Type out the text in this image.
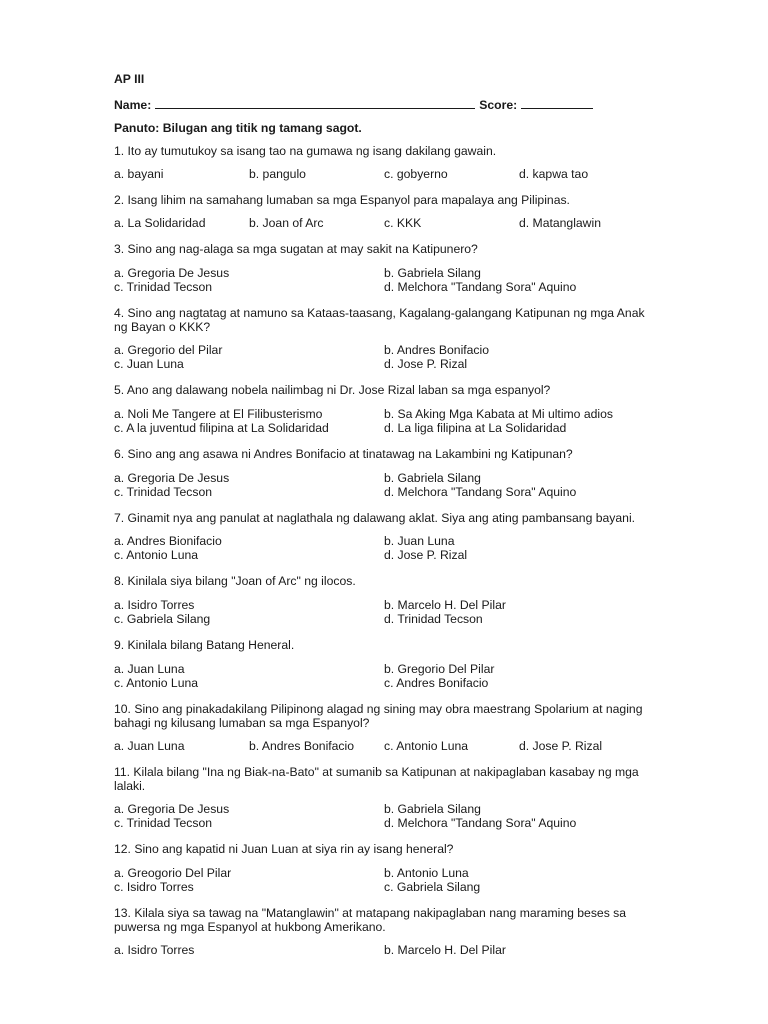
AP III
Name:	Score:
Panuto: Bilugan ang titik ng tamang sagot.
1. Ito ay tumutukoy sa isang tao na gumawa ng isang dakilang gawain.
a. bayani	b. pangulo	c. gobyerno	d. kapwa tao
2. Isang lihim na samahang lumaban sa mga Espanyol para mapalaya ang Pilipinas.
a. La Solidaridad	b. Joan of Arc	c. KKK	d. Matanglawin
3. Sino ang nag-alaga sa mga sugatan at may sakit na Katipunero?
a. Gregoria De Jesus	b. Gabriela Silang
c. Trinidad Tecson	d. Melchora "Tandang Sora" Aquino
4. Sino ang nagtatag at namuno sa Kataas-taasang, Kagalang-galangang Katipunan ng mga Anak ng Bayan o KKK?
a. Gregorio del Pilar	b. Andres Bonifacio
c. Juan Luna	d. Jose P. Rizal
5. Ano ang dalawang nobela nailimbag ni Dr. Jose Rizal laban sa mga espanyol?
a. Noli Me Tangere at El Filibusterismo	b. Sa Aking Mga Kabata at Mi ultimo adios
c. A la juventud filipina at La Solidaridad	d. La liga filipina at La Solidaridad
6. Sino ang ang asawa ni Andres Bonifacio at tinatawag na Lakambini ng Katipunan?
a. Gregoria De Jesus	b. Gabriela Silang
c. Trinidad Tecson	d. Melchora "Tandang Sora" Aquino
7. Ginamit nya ang panulat at naglathala ng dalawang aklat. Siya ang ating pambansang bayani.
a. Andres Bionifacio	b. Juan Luna
c. Antonio Luna	d. Jose P. Rizal
8. Kinilala siya bilang "Joan of Arc" ng ilocos.
a. Isidro Torres	b. Marcelo H. Del Pilar
c. Gabriela Silang	d. Trinidad Tecson
9. Kinilala bilang Batang Heneral.
a. Juan Luna	b. Gregorio Del Pilar
c. Antonio Luna	c. Andres Bonifacio
10. Sino ang pinakadakilang Pilipinong alagad ng sining may obra maestrang Spolarium at naging bahagi ng kilusang lumaban sa mga Espanyol?
a. Juan Luna	b. Andres Bonifacio	c. Antonio Luna	d. Jose P. Rizal
11. Kilala bilang "Ina ng Biak-na-Bato" at sumanib sa Katipunan at nakipaglaban kasabay ng mga lalaki.
a. Gregoria De Jesus	b. Gabriela Silang
c. Trinidad Tecson	d. Melchora "Tandang Sora" Aquino
12. Sino ang kapatid ni Juan Luan at siya rin ay isang heneral?
a. Greogorio Del Pilar	b. Antonio Luna
c. Isidro Torres	c. Gabriela Silang
13. Kilala siya sa tawag na "Matanglawin" at matapang nakipaglaban nang maraming beses sa puwersa ng mga Espanyol at hukbong Amerikano.
a. Isidro Torres	b. Marcelo H. Del Pilar
